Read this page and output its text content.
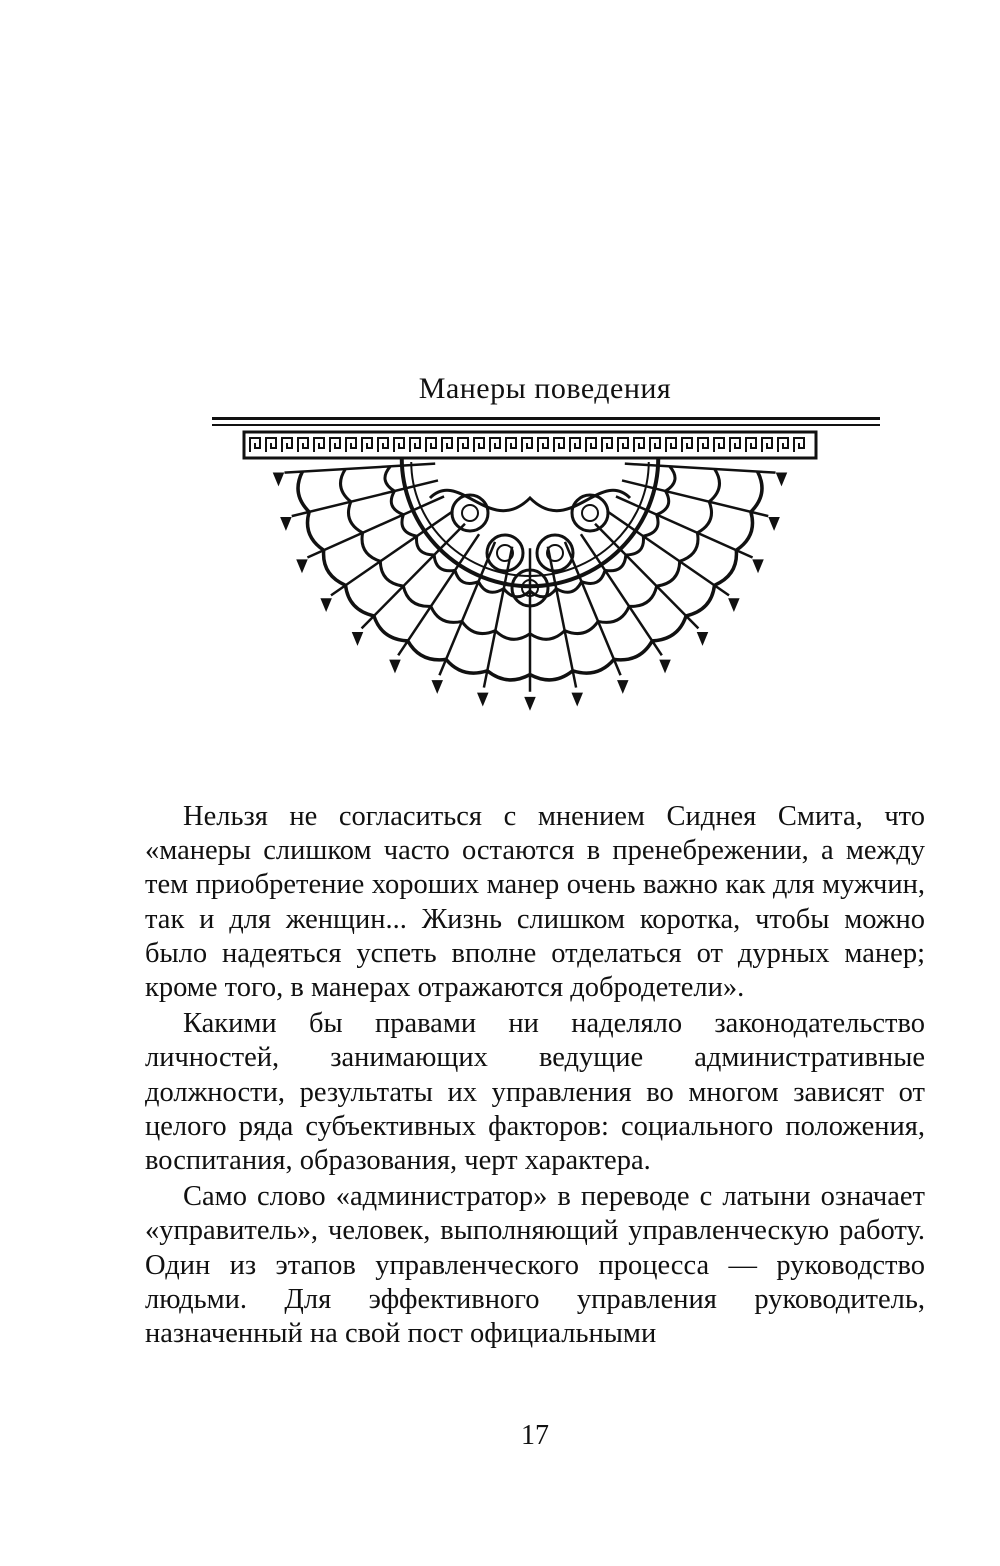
Манеры поведения

Нельзя не согласиться с мнением Сиднея Смита, что «манеры слишком часто остаются в пренебрежении, а между тем приобретение хороших манер очень важно как для мужчин, так и для женщин... Жизнь слишком коротка, чтобы можно было надеяться успеть вполне отделаться от дурных манер; кроме того, в манерах отражаются добродетели».

Какими бы правами ни наделяло законодательство личностей, занимающих ведущие административные должности, результаты их управления во многом зависят от целого ряда субъективных факторов: социального положения, воспитания, образования, черт характера.

Само слово «администратор» в переводе с латыни означает «управитель», человек, выполняющий управленческую работу. Один из этапов управленческого процесса — руководство людьми. Для эффективного управления руководитель, назначенный на свой пост официальными

17
